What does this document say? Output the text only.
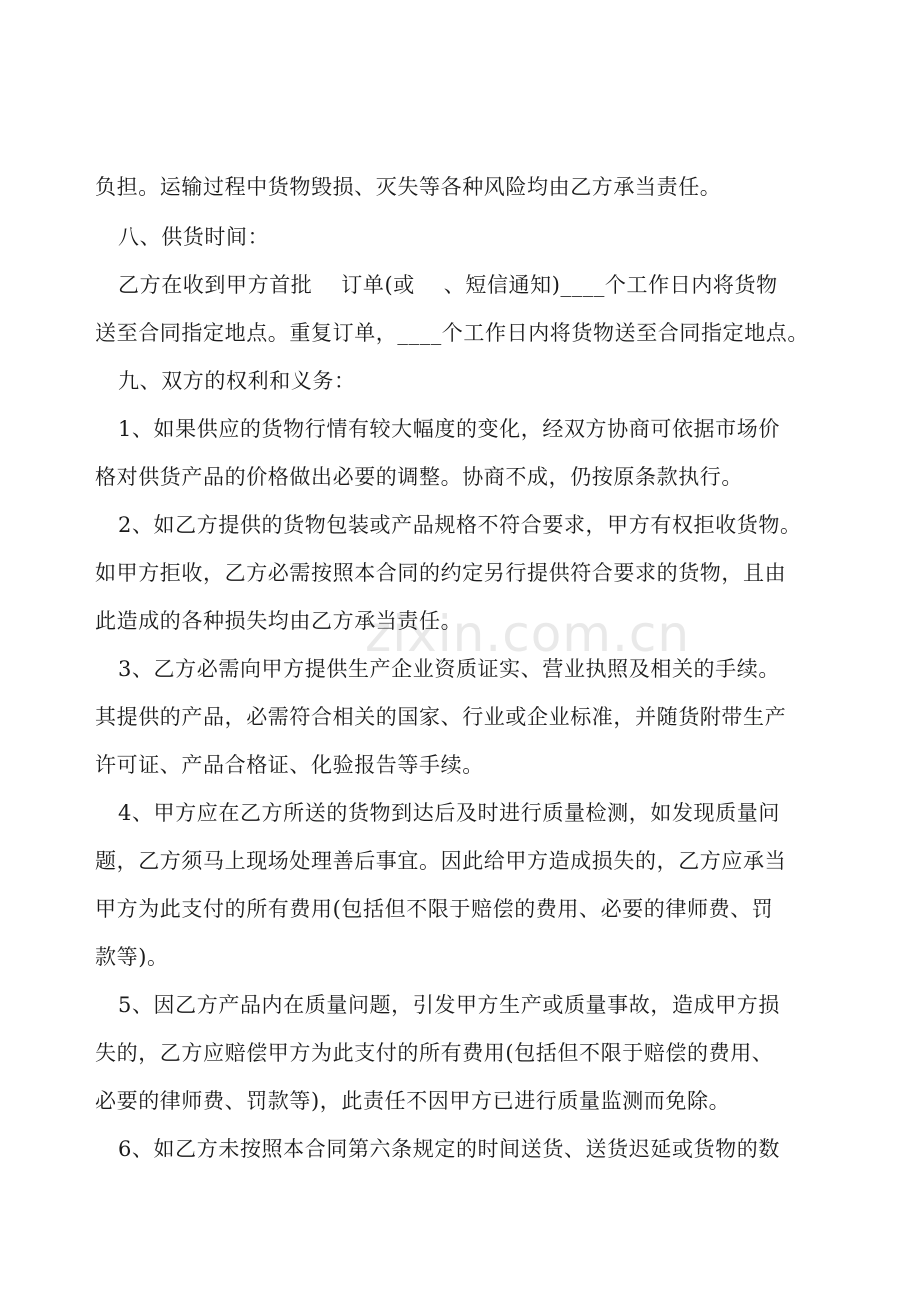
zixin.com.cn
负担。运输过程中货物毁损、灭失等各种风险均由乙方承当责任。
八、供货时间：
乙方在收到甲方首批　 订单(或　 、短信通知)____个工作日内将货物
送至合同指定地点。重复订单，____个工作日内将货物送至合同指定地点。
九、双方的权利和义务：
1、如果供应的货物行情有较大幅度的变化，经双方协商可依据市场价
格对供货产品的价格做出必要的调整。协商不成，仍按原条款执行。
2、如乙方提供的货物包装或产品规格不符合要求，甲方有权拒收货物。
如甲方拒收，乙方必需按照本合同的约定另行提供符合要求的货物，且由
此造成的各种损失均由乙方承当责任。
3、乙方必需向甲方提供生产企业资质证实、营业执照及相关的手续。
其提供的产品，必需符合相关的国家、行业或企业标准，并随货附带生产
许可证、产品合格证、化验报告等手续。
4、甲方应在乙方所送的货物到达后及时进行质量检测，如发现质量问
题，乙方须马上现场处理善后事宜。因此给甲方造成损失的，乙方应承当
甲方为此支付的所有费用(包括但不限于赔偿的费用、必要的律师费、罚
款等)。
5、因乙方产品内在质量问题，引发甲方生产或质量事故，造成甲方损
失的，乙方应赔偿甲方为此支付的所有费用(包括但不限于赔偿的费用、
必要的律师费、罚款等)，此责任不因甲方已进行质量监测而免除。
6、如乙方未按照本合同第六条规定的时间送货、送货迟延或货物的数
